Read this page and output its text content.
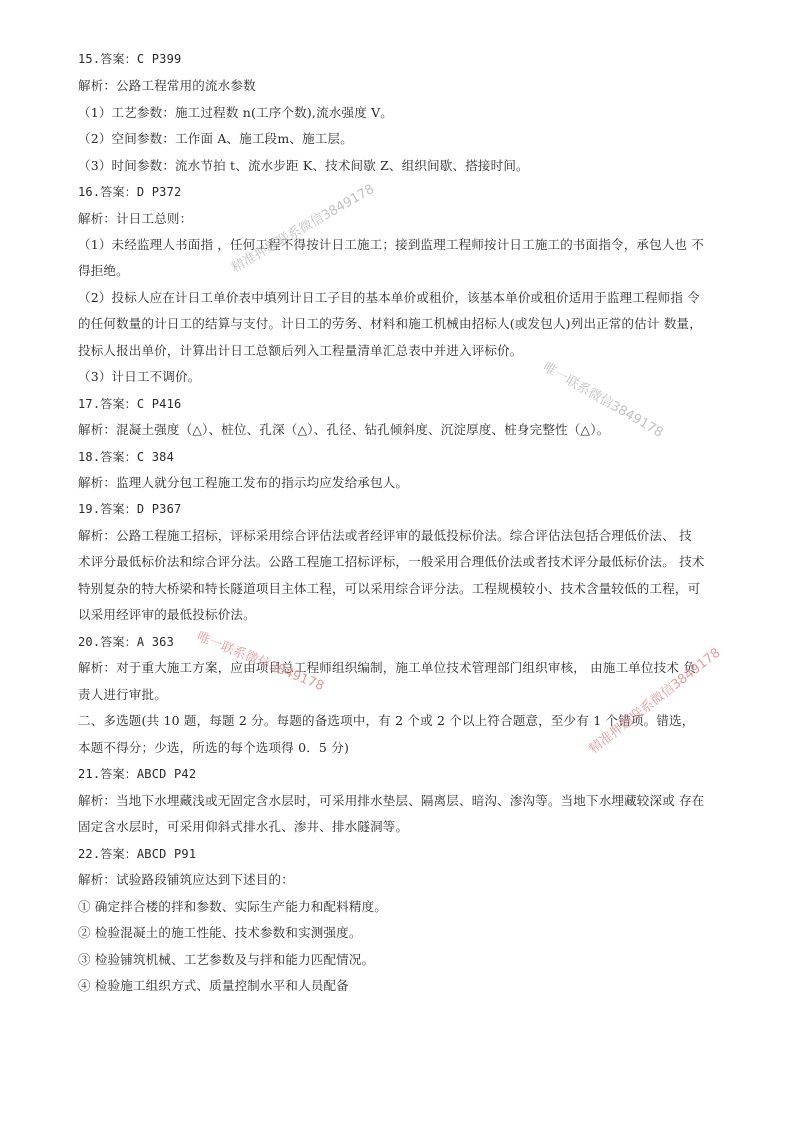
15.答案：C P399
解析：公路工程常用的流水参数
（1）工艺参数：施工过程数 n(工序个数),流水强度 V。
（2）空间参数：工作面 A、施工段m、施工层。
（3）时间参数：流水节拍 t、流水步距 K、技术间歇 Z、组织间歇、搭接时间。
16.答案：D P372
解析：计日工总则：
（1）未经监理人书面指 ，任何工程不得按计日工施工；接到监理工程师按计日工施工的书面指令，承包人也 不
得拒绝。
（2）投标人应在计日工单价表中填列计日工子目的基本单价或租价，该基本单价或租价适用于监理工程师指 令
的任何数量的计日工的结算与支付。计日工的劳务、材料和施工机械由招标人(或发包人)列出正常的估计 数量，
投标人报出单价，计算出计日工总额后列入工程量清单汇总表中并进入评标价。
（3）计日工不调价。
17.答案：C P416
解析：混凝土强度（△）、桩位、孔深（△）、孔径、钻孔倾斜度、沉淀厚度、桩身完整性（△）。
18.答案：C 384
解析：监理人就分包工程施工发布的指示均应发给承包人。
19.答案：D P367
解析：公路工程施工招标，评标采用综合评估法或者经评审的最低投标价法。综合评估法包括合理低价法、 技
术评分最低标价法和综合评分法。公路工程施工招标评标，一般采用合理低价法或者技术评分最低标价法。 技术
特别复杂的特大桥梁和特长隧道项目主体工程，可以采用综合评分法。工程规模较小、技术含量较低的工程，可
以采用经评审的最低投标价法。
20.答案：A 363
解析：对于重大施工方案，应由项目总工程师组织编制，施工单位技术管理部门组织审核， 由施工单位技术 负
责人进行审批。
二、多选题(共 10 题，每题 2 分。每题的备选项中，有 2 个或 2 个以上符合题意，至少有 1 个错项。错选，
本题不得分；少选，所选的每个选项得 0．5 分)
21.答案：ABCD P42
解析：当地下水埋藏浅或无固定含水层时，可采用排水垫层、隔离层、暗沟、渗沟等。当地下水埋藏较深或 存在
固定含水层时，可采用仰斜式排水孔、渗井、排水隧洞等。
22.答案：ABCD P91
解析：试验路段铺筑应达到下述目的：
① 确定拌合楼的拌和参数、实际生产能力和配料精度。
② 检验混凝土的施工性能、技术参数和实测强度。
③ 检验铺筑机械、工艺参数及与拌和能力匹配情况。
④ 检验施工组织方式、质量控制水平和人员配备
精准押题联系微信3849178
唯一联系微信3849178
唯一联系微信3849178	精准押题联系微信3849178
